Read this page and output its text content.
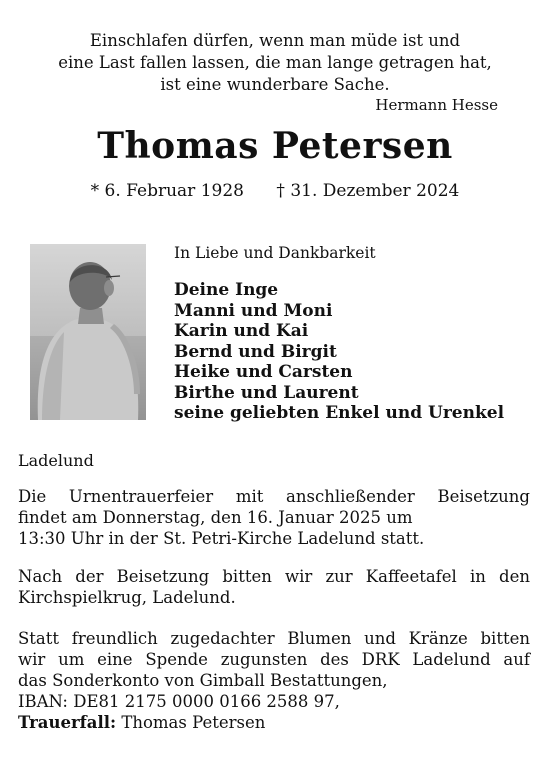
Einschlafen dürfen, wenn man müde ist und
eine Last fallen lassen, die man lange getragen hat,
ist eine wunderbare Sache.
Hermann Hesse
Thomas Petersen
* 6. Februar 1928 † 31. Dezember 2024
In Liebe und Dankbarkeit
Deine Inge
Manni und Moni
Karin und Kai
Bernd und Birgit
Heike und Carsten
Birthe und Laurent
seine geliebten Enkel und Urenkel
Ladelund
Die Urnentrauerfeier mit anschließender Beisetzung
findet am Donnerstag, den 16. Januar 2025 um
13:30 Uhr in der St. Petri-Kirche Ladelund statt.
Nach der Beisetzung bitten wir zur Kaffeetafel in den
Kirchspielkrug, Ladelund.
Statt freundlich zugedachter Blumen und Kränze bitten
wir um eine Spende zugunsten des DRK Ladelund auf
das Sonderkonto von Gimball Bestattungen,
IBAN: DE81 2175 0000 0166 2588 97,
Trauerfall: Thomas Petersen
